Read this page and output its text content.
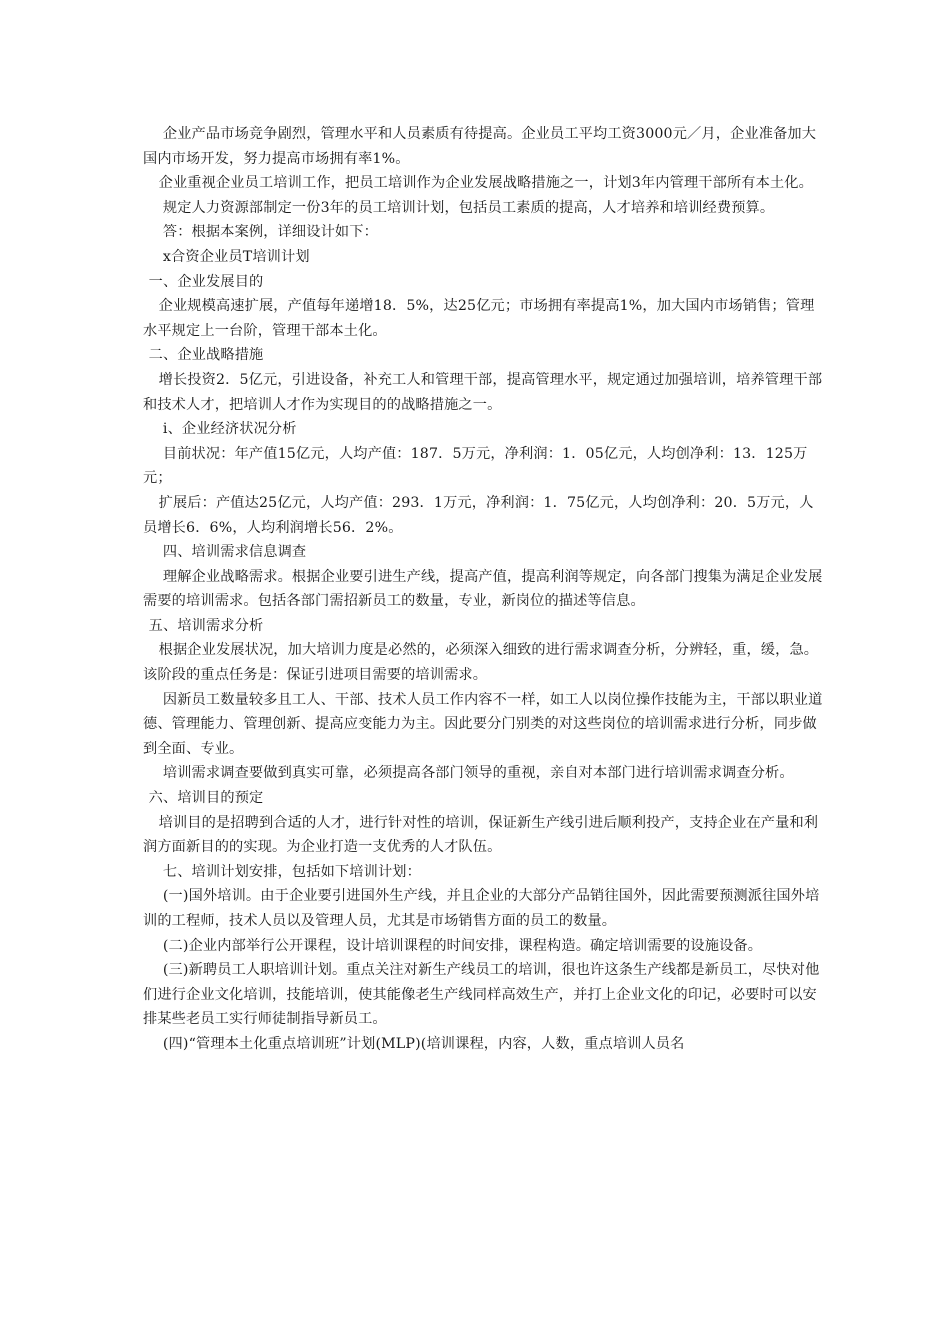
企业产品市场竞争剧烈，管理水平和人员素质有待提高。企业员工平均工资3000元／月，企业准备加大国内市场开发，努力提高市场拥有率1%。

企业重视企业员工培训工作，把员工培训作为企业发展战略措施之一，计划3年内管理干部所有本土化。

规定人力资源部制定一份3年的员工培训计划，包括员工素质的提高，人才培养和培训经费预算。

答：根据本案例，详细设计如下：

x合资企业员T培训计划

一、企业发展目的

企业规模高速扩展，产值每年递增18．5%，达25亿元；市场拥有率提高1%，加大国内市场销售；管理水平规定上一台阶，管理干部本土化。

二、企业战略措施

增长投资2．5亿元，引进设备，补充工人和管理干部，提高管理水平，规定通过加强培训，培养管理干部和技术人才，把培训人才作为实现目的的战略措施之一。

i、企业经济状况分析

目前状况：年产值15亿元，人均产值：187．5万元，净利润：1．05亿元，人均创净利：13．125万元；

扩展后：产值达25亿元，人均产值：293．1万元，净利润：1．75亿元，人均创净利：20．5万元，人员增长6．6%，人均利润增长56．2%。

四、培训需求信息调查

理解企业战略需求。根据企业要引进生产线，提高产值，提高利润等规定，向各部门搜集为满足企业发展需要的培训需求。包括各部门需招新员工的数量，专业，新岗位的描述等信息。

五、培训需求分析

根据企业发展状况，加大培训力度是必然的，必须深入细致的进行需求调查分析，分辨轻，重，缓，急。该阶段的重点任务是：保证引进项目需要的培训需求。

因新员工数量较多且工人、干部、技术人员工作内容不一样，如工人以岗位操作技能为主，干部以职业道德、管理能力、管理创新、提高应变能力为主。因此要分门别类的对这些岗位的培训需求进行分析，同步做到全面、专业。

培训需求调查要做到真实可靠，必须提高各部门领导的重视，亲自对本部门进行培训需求调查分析。

六、培训目的预定

培训目的是招聘到合适的人才，进行针对性的培训，保证新生产线引进后顺利投产，支持企业在产量和利润方面新目的的实现。为企业打造一支优秀的人才队伍。

七、培训计划安排，包括如下培训计划：

(一)国外培训。由于企业要引进国外生产线，并且企业的大部分产品销往国外，因此需要预测派往国外培训的工程师，技术人员以及管理人员，尤其是市场销售方面的员工的数量。

(二)企业内部举行公开课程，设计培训课程的时间安排，课程构造。确定培训需要的设施设备。

(三)新聘员工人职培训计划。重点关注对新生产线员工的培训，很也许这条生产线都是新员工，尽快对他们进行企业文化培训，技能培训，使其能像老生产线同样高效生产，并打上企业文化的印记，必要时可以安排某些老员工实行师徒制指导新员工。

(四)“管理本土化重点培训班”计划(MLP)(培训课程，内容，人数，重点培训人员名
